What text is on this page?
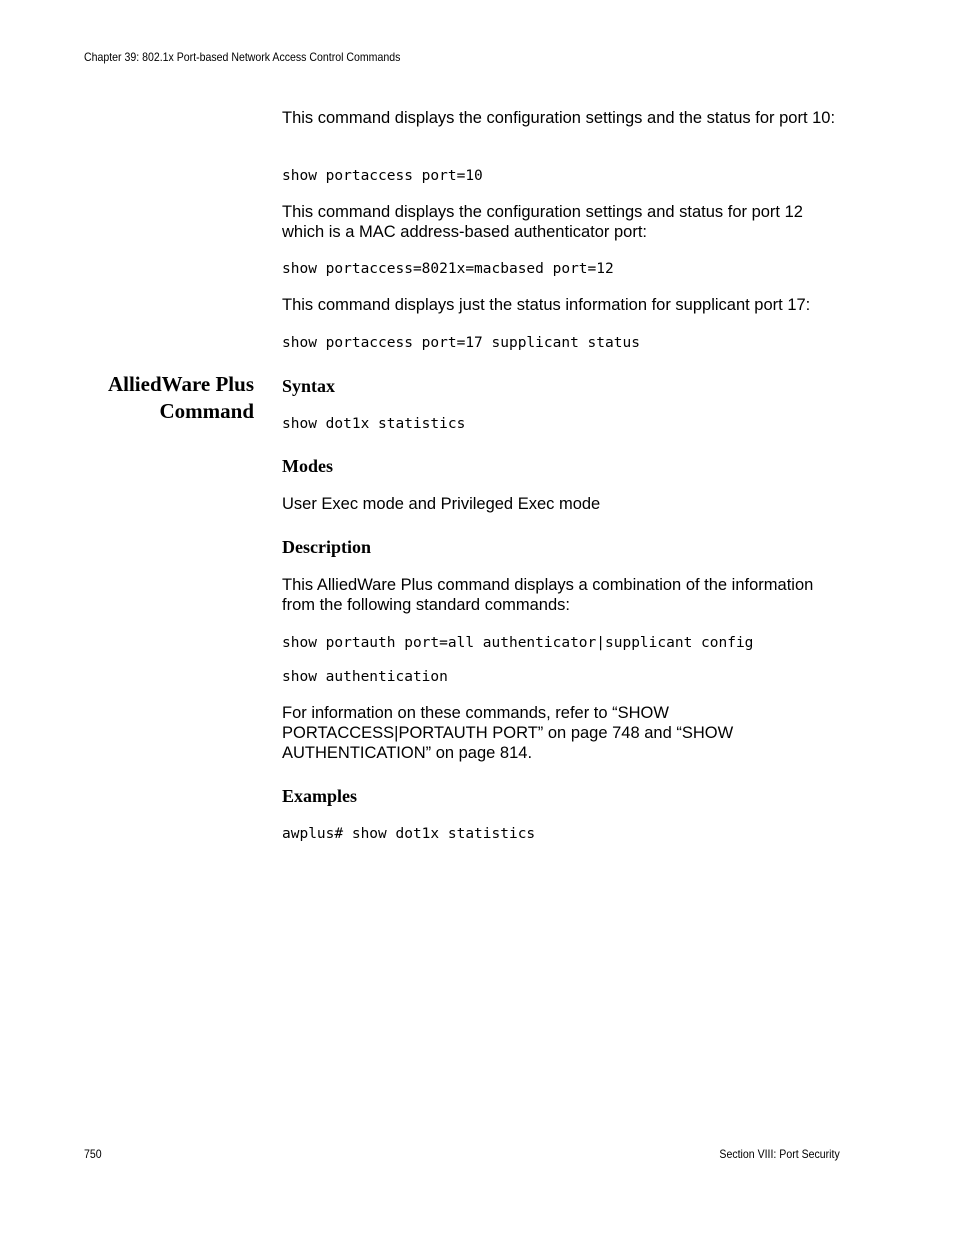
Chapter 39: 802.1x Port-based Network Access Control Commands

This command displays the configuration settings and the status for port 10:

show portaccess port=10

This command displays the configuration settings and status for port 12 which is a MAC address-based authenticator port:

show portaccess=8021x=macbased port=12

This command displays just the status information for supplicant port 17:

show portaccess port=17 supplicant status

AlliedWare Plus
Command

Syntax

show dot1x statistics

Modes

User Exec mode and Privileged Exec mode

Description

This AlliedWare Plus command displays a combination of the information from the following standard commands:

show portauth port=all authenticator|supplicant config

show authentication

For information on these commands, refer to “SHOW PORTACCESS|PORTAUTH PORT” on page 748 and “SHOW AUTHENTICATION” on page 814.

Examples

awplus# show dot1x statistics

750	Section VIII: Port Security
